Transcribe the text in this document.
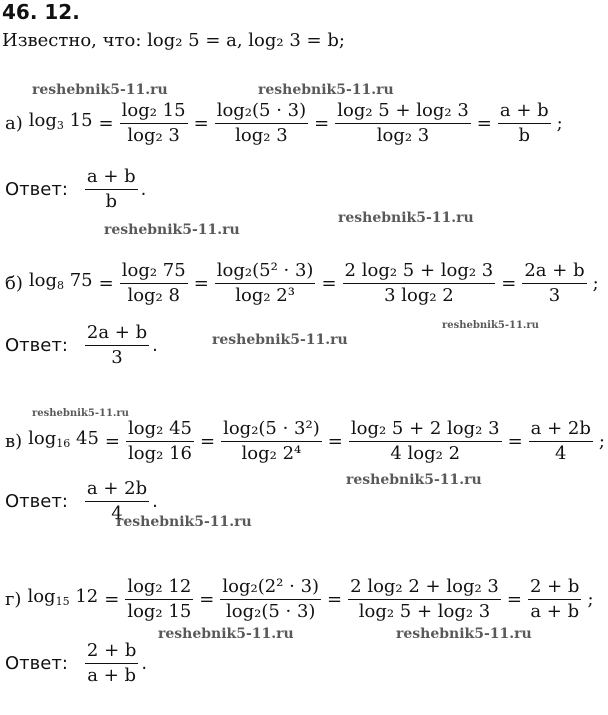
46. 12.
Известно, что: log₂ 5 = a, log₂ 3 = b;
а) $\log_3 15 = \frac{\text{log₂ 15}}{\text{log₂ 3}} = \frac{\text{log₂(5 · 3)}}{\text{log₂ 3}} = \frac{\text{log₂ 5 + log₂ 3}}{\text{log₂ 3}} = \frac{a + b}{b}$ ;
Ответ: $\frac{a + b}{b}$ .
б) $\log_8 75 = \frac{\text{log₂ 75}}{\text{log₂ 8}} = \frac{\text{log₂(5² · 3)}}{\text{log₂ 2³}} = \frac{\text{2 log₂ 5 + log₂ 3}}{\text{3 log₂ 2}} = \frac{2a + b}{3}$ ;
Ответ: $\frac{2a + b}{3}$ .
в) $\log_{16} 45 = \frac{\text{log₂ 45}}{\text{log₂ 16}} = \frac{\text{log₂(5 · 3²)}}{\text{log₂ 2⁴}} = \frac{\text{log₂ 5 + 2 log₂ 3}}{\text{4 log₂ 2}} = \frac{a + 2b}{4}$ ;
Ответ: $\frac{a + 2b}{4}$ .
г) $\log_{15} 12 = \frac{\text{log₂ 12}}{\text{log₂ 15}} = \frac{\text{log₂(2² · 3)}}{\text{log₂(5 · 3)}} = \frac{\text{2 log₂ 2 + log₂ 3}}{\text{log₂ 5 + log₂ 3}} = \frac{2 + b}{a + b}$ ;
Ответ: $\frac{2 + b}{a + b}$ .
reshebnik5-11.ru	reshebnik5-11.ru
reshebnik5-11.ru
reshebnik5-11.ru
reshebnik5-11.ru
reshebnik5-11.ru
reshebnik5-11.ru
reshebnik5-11.ru
reshebnik5-11.ru
reshebnik5-11.ru	reshebnik5-11.ru
